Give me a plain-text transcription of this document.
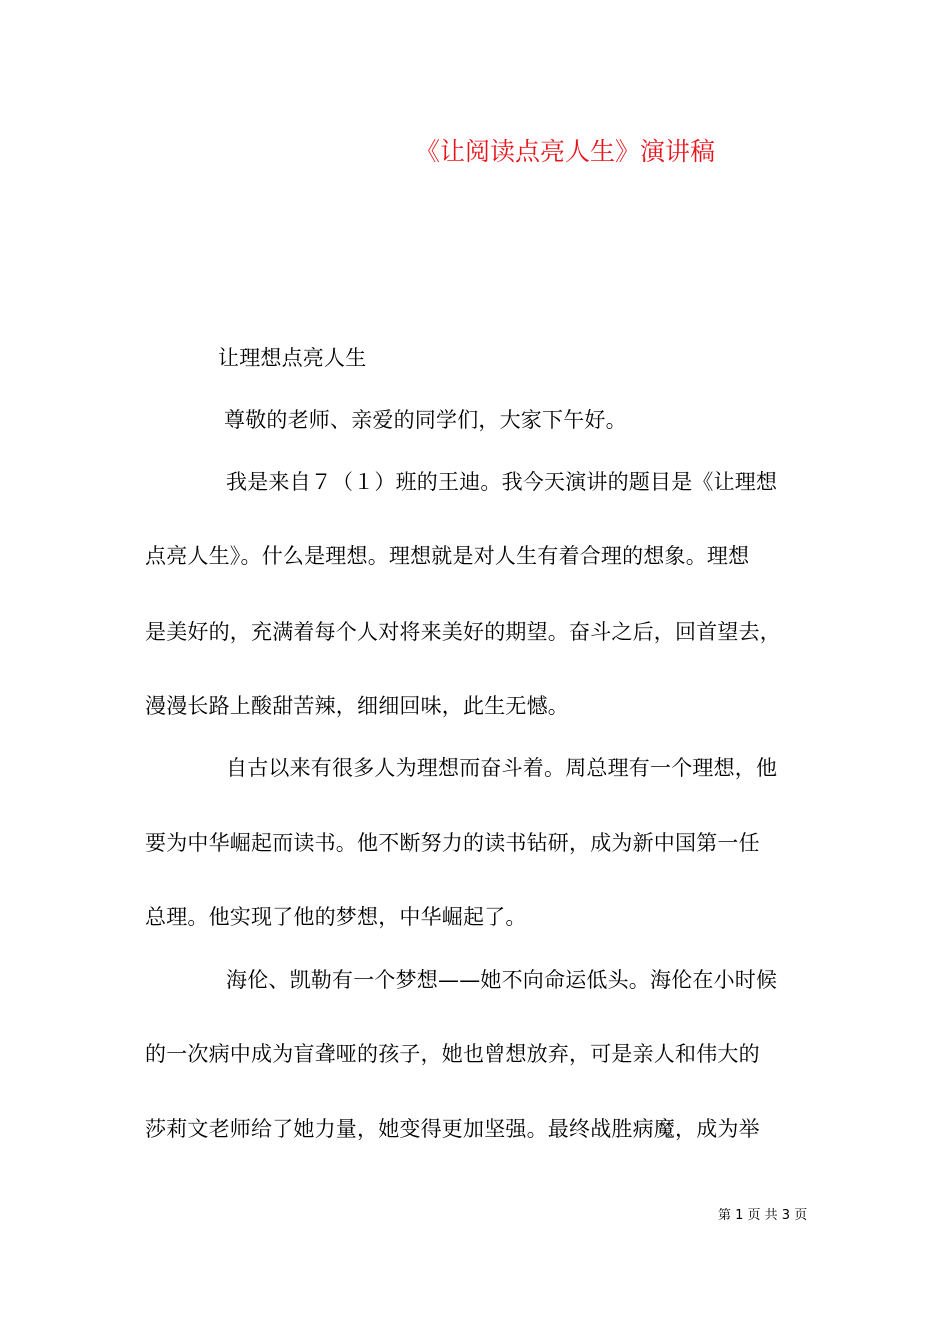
《让阅读点亮人生》演讲稿
让理想点亮人生
尊敬的老师、亲爱的同学们，大家下午好。
我是来自７（１）班的王迪。我今天演讲的题目是《让理想
点亮人生》。什么是理想。理想就是对人生有着合理的想象。理想
是美好的，充满着每个人对将来美好的期望。奋斗之后，回首望去，
漫漫长路上酸甜苦辣，细细回味，此生无憾。
自古以来有很多人为理想而奋斗着。周总理有一个理想，他
要为中华崛起而读书。他不断努力的读书钻研，成为新中国第一任
总理。他实现了他的梦想，中华崛起了。
海伦、凯勒有一个梦想——她不向命运低头。海伦在小时候
的一次病中成为盲聋哑的孩子，她也曾想放弃，可是亲人和伟大的
莎莉文老师给了她力量，她变得更加坚强。最终战胜病魔，成为举
第 1 页 共 3 页
